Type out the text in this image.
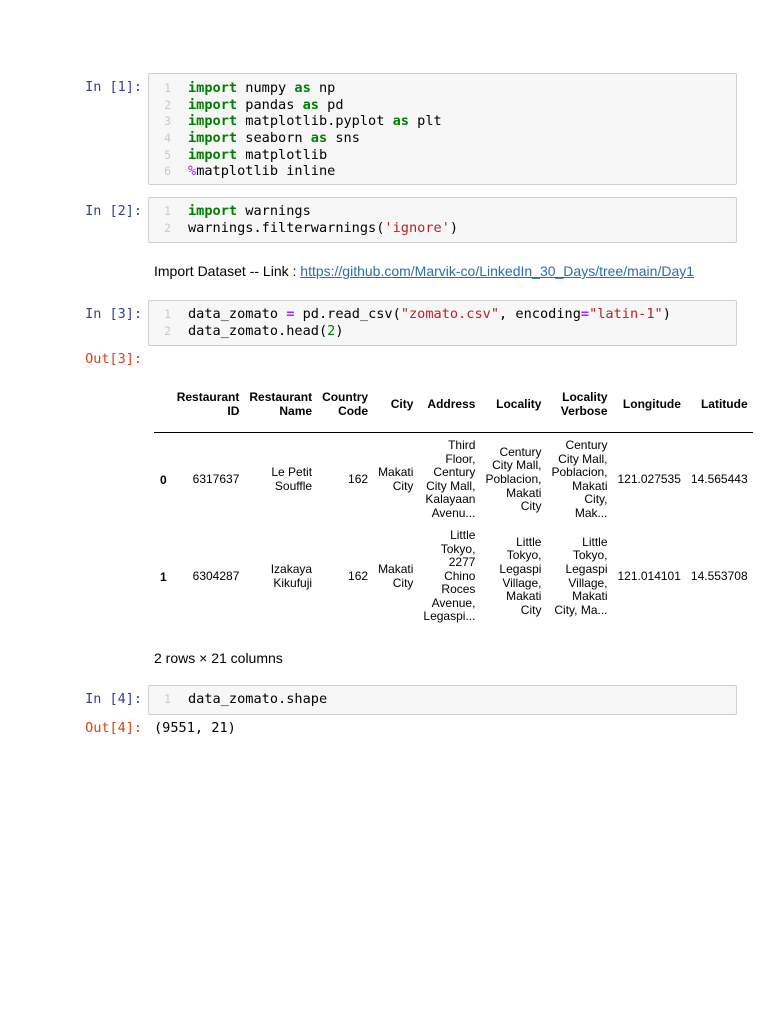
In [1]:	1 import numpy as np
2 import pandas as pd
3 import matplotlib.pyplot as plt
4 import seaborn as sns
5 import matplotlib
6 %matplotlib inline
In [2]:	1 import warnings
2 warnings.filterwarnings('ignore')
Import Dataset -- Link : https://github.com/Marvik-co/LinkedIn_30_Days/tree/main/Day1
In [3]:	1 data_zomato = pd.read_csv("zomato.csv", encoding="latin-1")
2 data_zomato.head(2)
Out[3]:
	Restaurant ID	Restaurant Name	Country Code	City	Address	Locality	Locality Verbose	Longitude	Latitude
0	6317637	Le Petit Souffle	162	Makati City	Third Floor, Century City Mall, Kalayaan Avenu...	Century City Mall, Poblacion, Makati City	Century City Mall, Poblacion, Makati City, Mak...	121.027535	14.565443
1	6304287	Izakaya Kikufuji	162	Makati City	Little Tokyo, 2277 Chino Roces Avenue, Legaspi...	Little Tokyo, Legaspi Village, Makati City	Little Tokyo, Legaspi Village, Makati City, Ma...	121.014101	14.553708
2 rows × 21 columns
In [4]:	1 data_zomato.shape
Out[4]: (9551, 21)
